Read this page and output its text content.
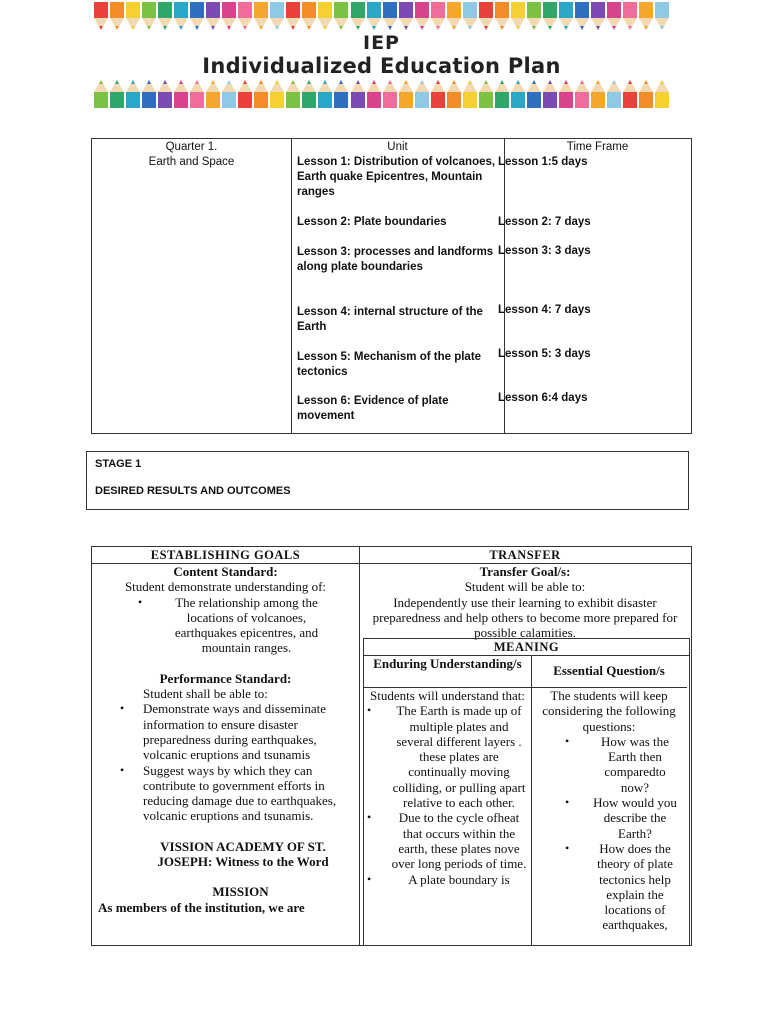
IEP
Individualized Education Plan
Quarter 1.
Earth and Space
Unit
Lesson 1: Distribution of volcanoes, Earth quake Epicentres, Mountain ranges
Lesson 2: Plate boundaries
Lesson 3: processes and landforms along plate boundaries
Lesson 4: internal structure of the Earth
Lesson 5: Mechanism of the plate tectonics
Lesson 6: Evidence of plate movement
Time Frame
Lesson 1:5 days
Lesson 2: 7 days
Lesson 3: 3 days
Lesson 4: 7 days
Lesson 5: 3 days
Lesson 6:4 days
STAGE 1
DESIRED RESULTS AND OUTCOMES
ESTABLISHING GOALS
Content Standard:
Student demonstrate understanding of:
• The relationship among the locations of volcanoes, earthquakes epicentres, and mountain ranges.
Performance Standard:
Student shall be able to:
• Demonstrate ways and disseminate information to ensure disaster preparedness during earthquakes, volcanic eruptions and tsunamis
• Suggest ways by which they can contribute to government efforts in reducing damage due to earthquakes, volcanic eruptions and tsunamis.
VISSION ACADEMY OF ST. JOSEPH: Witness to the Word
MISSION
As members of the institution, we are
TRANSFER
Transfer Goal/s:
Student will be able to:
Independently use their learning to exhibit disaster preparedness and help others to become more prepared for possible calamities.
MEANING
Enduring Understanding/s
Students will understand that:
• The Earth is made up of multiple plates and several different layers . these plates are continually moving colliding, or pulling apart relative to each other.
• Due to the cycle ofheat that occurs within the earth, these plates nove over long periods of time.
• A plate boundary is
Essential Question/s
The students will keep considering the following questions:
• How was the Earth then comparedto now?
• How would you describe the Earth?
• How does the theory of plate tectonics help explain the locations of earthquakes,
